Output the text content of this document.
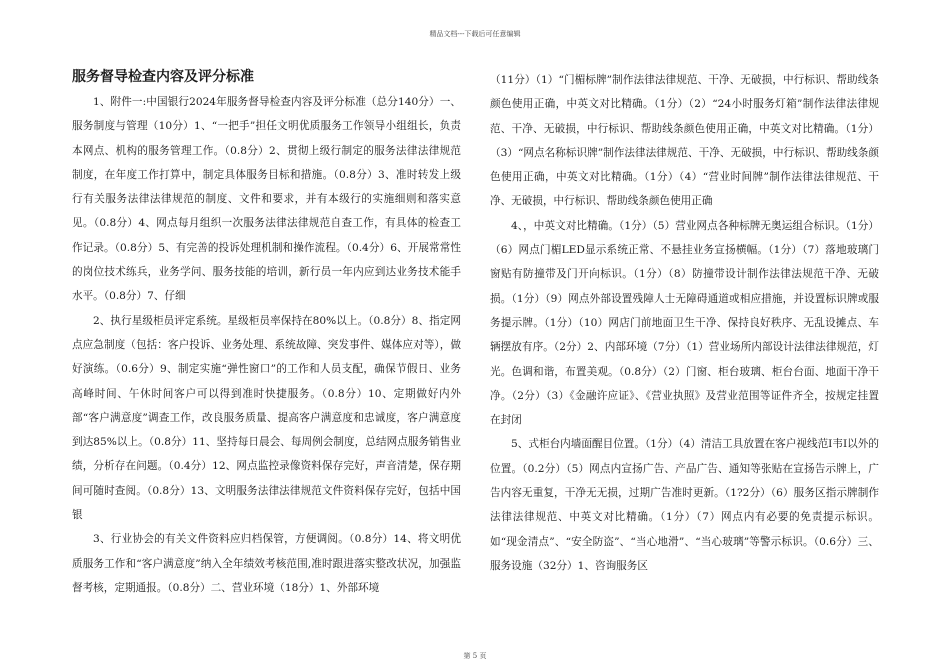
精品文档---下载后可任意编辑
服务督导检查内容及评分标准

1、附件一:中国银行2024年服务督导检查内容及评分标准（总分140分）一、服务制度与管理（10分）1、“一把手”担任文明优质服务工作领导小组组长，负责本网点、机构的服务管理工作。（0.8分）2、贯彻上级行制定的服务法律法律规范制度，在年度工作打算中，制定具体服务目标和措施。（0.8分）3、准时转发上级行有关服务法律法律规范的制度、文件和要求，并有本级行的实施细则和落实意见。（0.8分）4、网点每月组织一次服务法律法律规范自查工作，有具体的检查工作记录。（0.8分）5、有完善的投诉处理机制和操作流程。（0.4分）6、开展常常性的岗位技术练兵，业务学问、服务技能的培训，新行员一年内应到达业务技术能手水平。（0.8分）7、仔细

2、执行星级柜员评定系统。星级柜员率保持在80%以上。（0.8分）8、指定网点应急制度（包括：客户投诉、业务处理、系统故障、突发事件、媒体应对等），做好演练。（0.6分）9、制定实施“弹性窗口”的工作和人员支配，确保节假日、业务高峰时间、午休时间客户可以得到准时快捷服务。（0.8分）10、定期做好内外部“客户满意度”调查工作，改良服务质量、提高客户满意度和忠诚度，客户满意度到达85%以上。（0.8分）11、坚持每日晨会、每周例会制度，总结网点服务销售业绩，分析存在问题。（0.4分）12、网点监控录像资料保存完好，声音清楚，保存期间可随时查阅。（0.8分）13、文明服务法律法律规范文件资料保存完好，包括中国银

3、行业协会的有关文件资料应归档保管，方便调阅。（0.8分）14、将文明优质服务工作和“客户满意度”纳入全年绩效考核范围,准时跟进落实整改状况，加强监督考核，定期通报。（0.8分）二、营业环境（18分）1、外部环境

（11分）（1）“门楣标牌”制作法律法律规范、干净、无破损，中行标识、帮助线条颜色使用正确，中英文对比精确。（1分）（2）“24小时服务灯箱”制作法律法律规范、干净、无破损，中行标识、帮助线条颜色使用正确，中英文对比精确。（1分）（3）“网点名称标识牌”制作法律法律规范、干净、无破损，中行标识、帮助线条颜色使用正确，中英文对比精确。（1分）（4）“营业时间牌”制作法律法律规范、干净、无破损，中行标识、帮助线条颜色使用正确

4、，中英文对比精确。（1分）（5）营业网点各种标牌无奥运组合标识。（1分）（6）网点门楣LED显示系统正常、不悬挂业务宣扬横幅。（1分）（7）落地玻璃门窗贴有防撞带及门开向标识。（1分）（8）防撞带设计制作法律法规范干净、无破损。（1分）（9）网点外部设置残障人士无障碍通道或相应措施，并设置标识牌或服务提示牌。（1分）（10）网店门前地面卫生干净、保持良好秩序、无乱设摊点、车辆摆放有序。（2分）2、内部环境（7分）（1）营业场所内部设计法律法律规范，灯光。色调和谐，布置美观。（0.8分）（2）门窗、柜台玻璃、柜台台面、地面干净干净。（2分）（3）《金融许应证》、《营业执照》及营业范围等证件齐全，按规定挂置在封闭

5、式柜台内墙面醒目位置。（1分）（4）清洁工具放置在客户视线范I韦I以外的位置。（0.2分）（5）网点内宣扬广告、产品广告、通知等张贴在宣扬告示牌上，广告内容无重复，干净无无损，过期广告准时更新。（1?2分）（6）服务区指示牌制作法律法律规范、中英文对比精确。（1分）（7）网点内有必要的免责提示标识。如“现金清点”、“安全防盗”、“当心地滑”、“当心玻璃”等警示标识。（0.6分）三、服务设施（32分）1、咨询服务区

第 5 页
